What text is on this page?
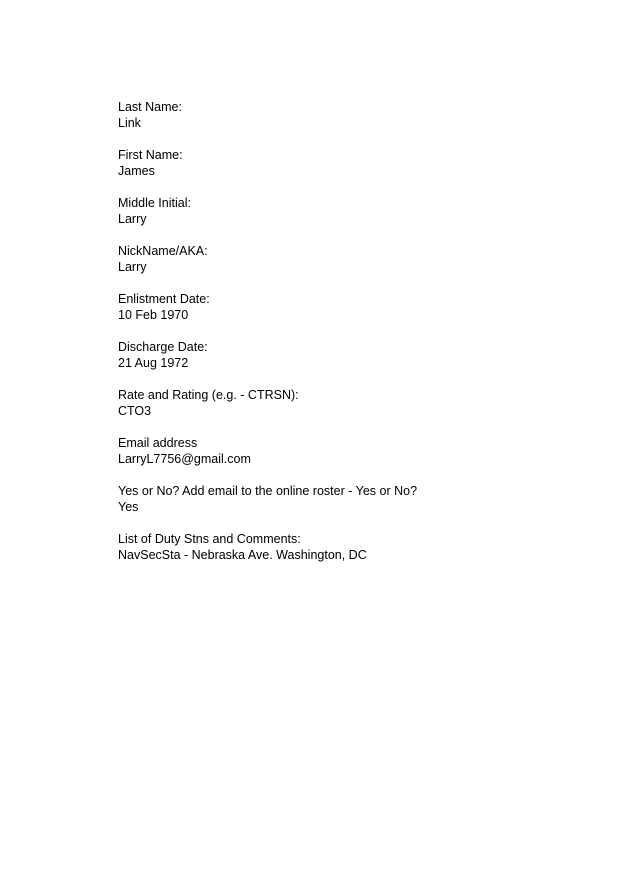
Last Name:
Link
First Name:
James
Middle Initial:
Larry
NickName/AKA:
Larry
Enlistment Date:
10 Feb 1970
Discharge Date:
21 Aug 1972
Rate and Rating (e.g. - CTRSN):
CTO3
Email address
LarryL7756@gmail.com
Yes or No? Add email to the online roster - Yes or No?
Yes
List of Duty Stns and Comments:
NavSecSta - Nebraska Ave. Washington, DC
